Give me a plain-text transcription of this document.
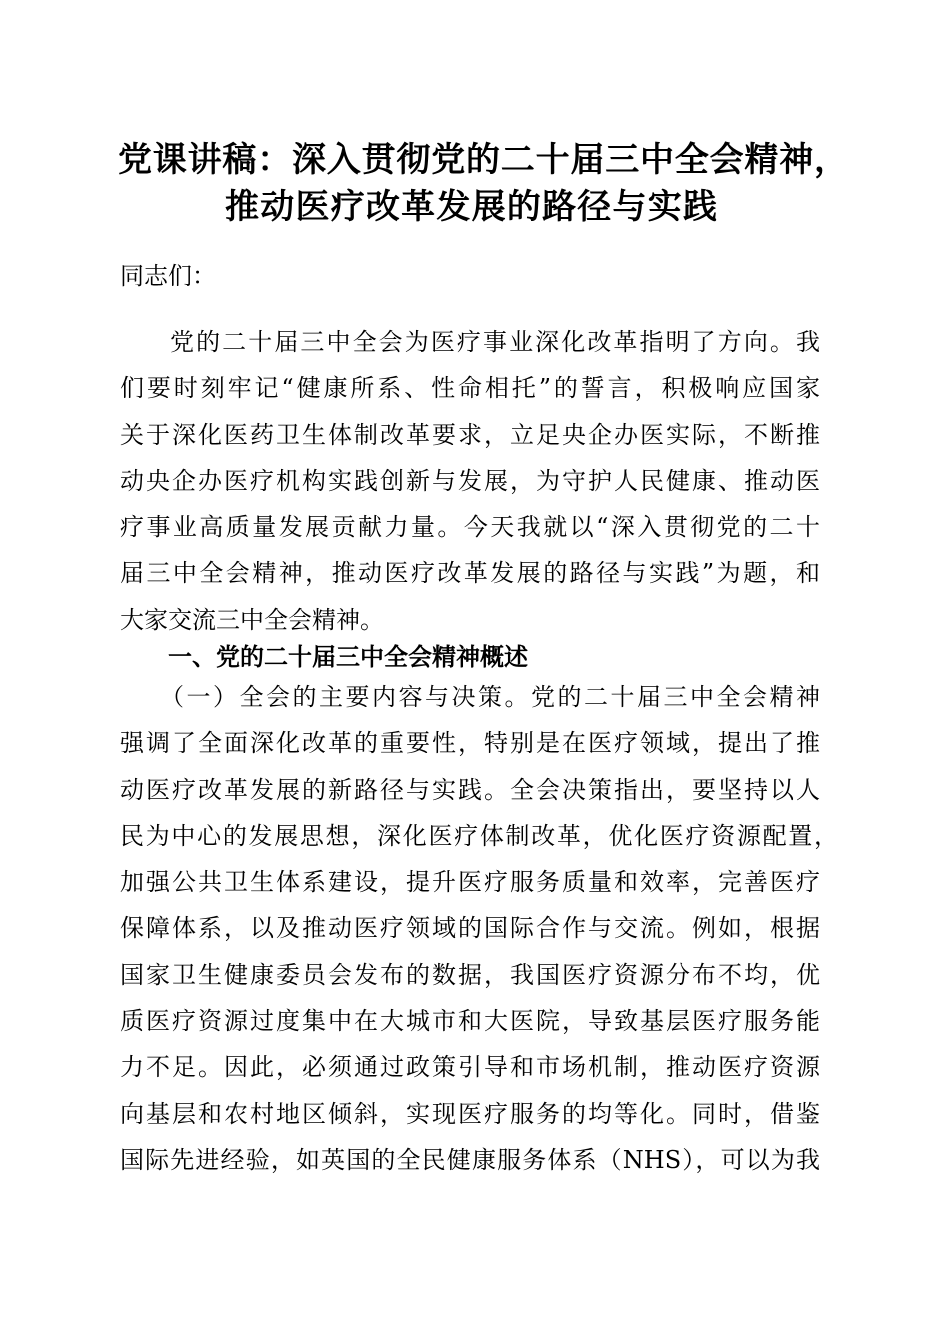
党课讲稿：深入贯彻党的二十届三中全会精神，
推动医疗改革发展的路径与实践
同志们：
党的二十届三中全会为医疗事业深化改革指明了方向。我
们要时刻牢记“健康所系、性命相托”的誓言，积极响应国家
关于深化医药卫生体制改革要求，立足央企办医实际，不断推
动央企办医疗机构实践创新与发展，为守护人民健康、推动医
疗事业高质量发展贡献力量。今天我就以“深入贯彻党的二十
届三中全会精神，推动医疗改革发展的路径与实践”为题，和
大家交流三中全会精神。
一、党的二十届三中全会精神概述
（一）全会的主要内容与决策。党的二十届三中全会精神
强调了全面深化改革的重要性，特别是在医疗领域，提出了推
动医疗改革发展的新路径与实践。全会决策指出，要坚持以人
民为中心的发展思想，深化医疗体制改革，优化医疗资源配置，
加强公共卫生体系建设，提升医疗服务质量和效率，完善医疗
保障体系，以及推动医疗领域的国际合作与交流。例如，根据
国家卫生健康委员会发布的数据，我国医疗资源分布不均，优
质医疗资源过度集中在大城市和大医院，导致基层医疗服务能
力不足。因此，必须通过政策引导和市场机制，推动医疗资源
向基层和农村地区倾斜，实现医疗服务的均等化。同时，借鉴
国际先进经验，如英国的全民健康服务体系（NHS），可以为我
